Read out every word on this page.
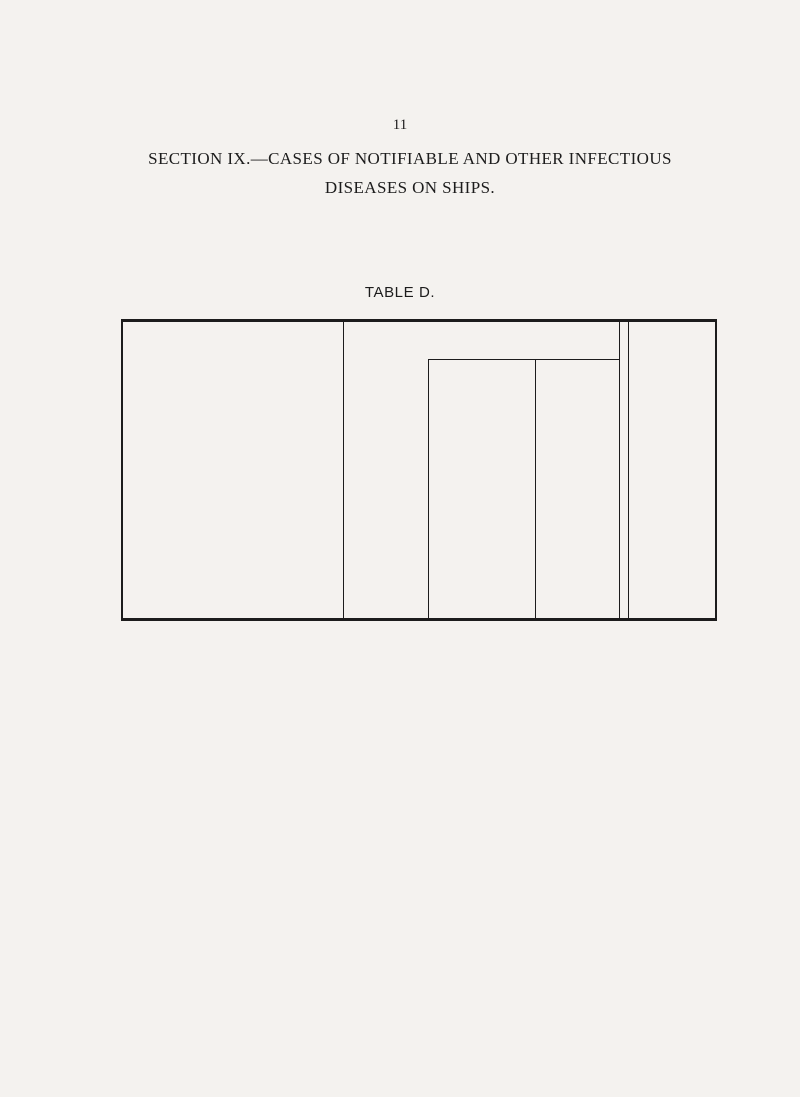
11
SECTION IX.—CASES OF NOTIFIABLE AND OTHER INFECTIOUS
DISEASES ON SHIPS.
TABLE D.
